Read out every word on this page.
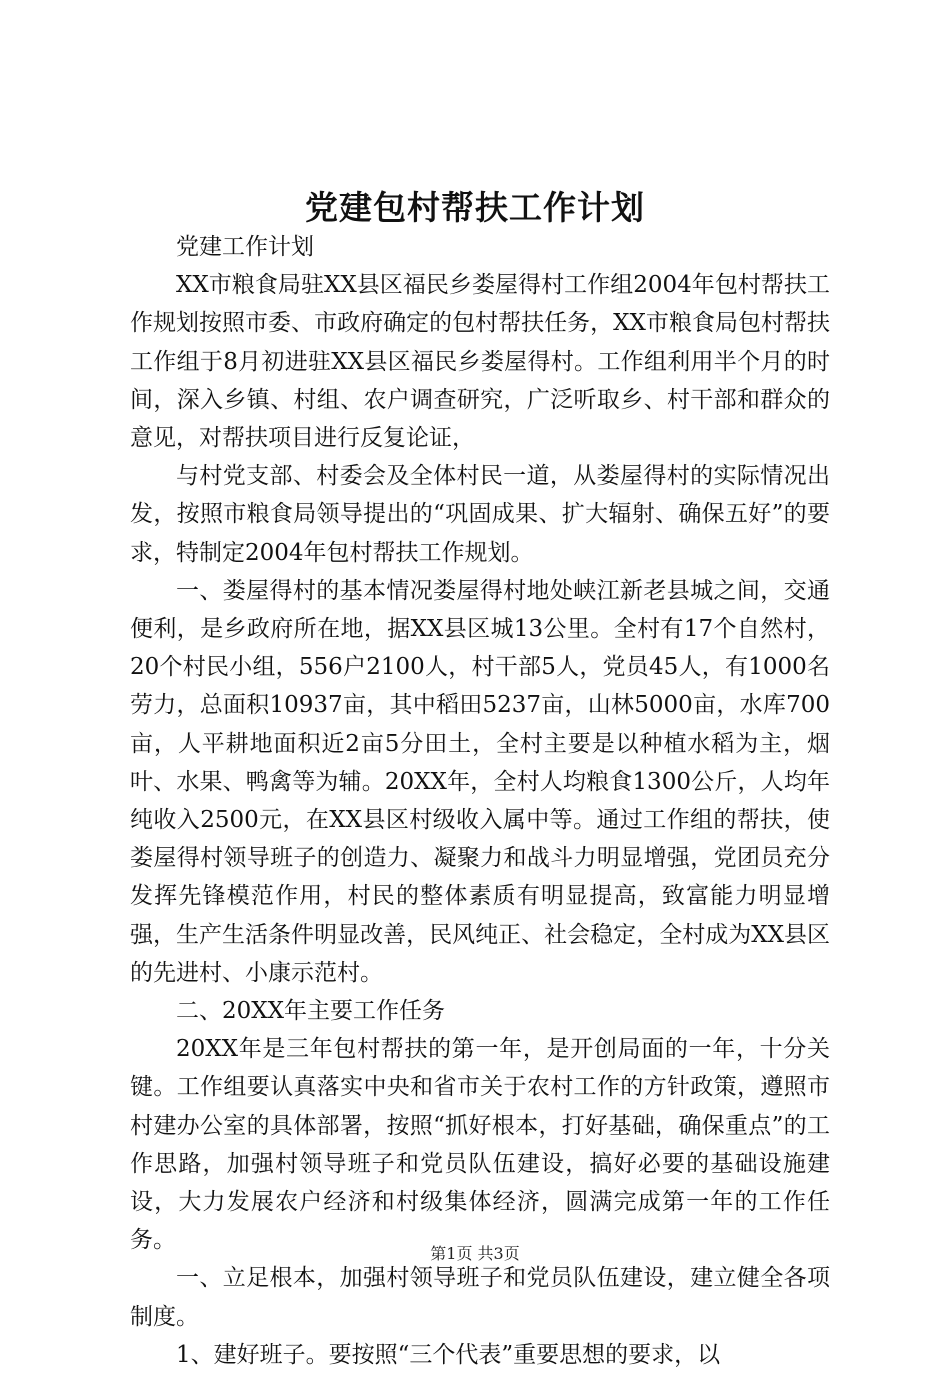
党建包村帮扶工作计划

党建工作计划

XX市粮食局驻XX县区福民乡娄屋得村工作组2004年包村帮扶工作规划按照市委、市政府确定的包村帮扶任务，XX市粮食局包村帮扶工作组于8月初进驻XX县区福民乡娄屋得村。工作组利用半个月的时间，深入乡镇、村组、农户调查研究，广泛听取乡、村干部和群众的意见，对帮扶项目进行反复论证，

与村党支部、村委会及全体村民一道，从娄屋得村的实际情况出发，按照市粮食局领导提出的“巩固成果、扩大辐射、确保五好”的要求，特制定2004年包村帮扶工作规划。

一、娄屋得村的基本情况娄屋得村地处峡江新老县城之间，交通便利，是乡政府所在地，据XX县区城13公里。全村有17个自然村，20个村民小组，556户2100人，村干部5人，党员45人，有1000名劳力，总面积10937亩，其中稻田5237亩，山林5000亩，水库700亩，人平耕地面积近2亩5分田土，全村主要是以种植水稻为主，烟叶、水果、鸭禽等为辅。20XX年，全村人均粮食1300公斤，人均年纯收入2500元，在XX县区村级收入属中等。通过工作组的帮扶，使娄屋得村领导班子的创造力、凝聚力和战斗力明显增强，党团员充分发挥先锋模范作用，村民的整体素质有明显提高，致富能力明显增强，生产生活条件明显改善，民风纯正、社会稳定，全村成为XX县区的先进村、小康示范村。

二、20XX年主要工作任务

20XX年是三年包村帮扶的第一年，是开创局面的一年，十分关键。工作组要认真落实中央和省市关于农村工作的方针政策，遵照市村建办公室的具体部署，按照“抓好根本，打好基础，确保重点”的工作思路，加强村领导班子和党员队伍建设，搞好必要的基础设施建设，大力发展农户经济和村级集体经济，圆满完成第一年的工作任务。

一、立足根本，加强村领导班子和党员队伍建设，建立健全各项制度。

1、建好班子。要按照“三个代表”重要思想的要求，以

第1页 共3页
